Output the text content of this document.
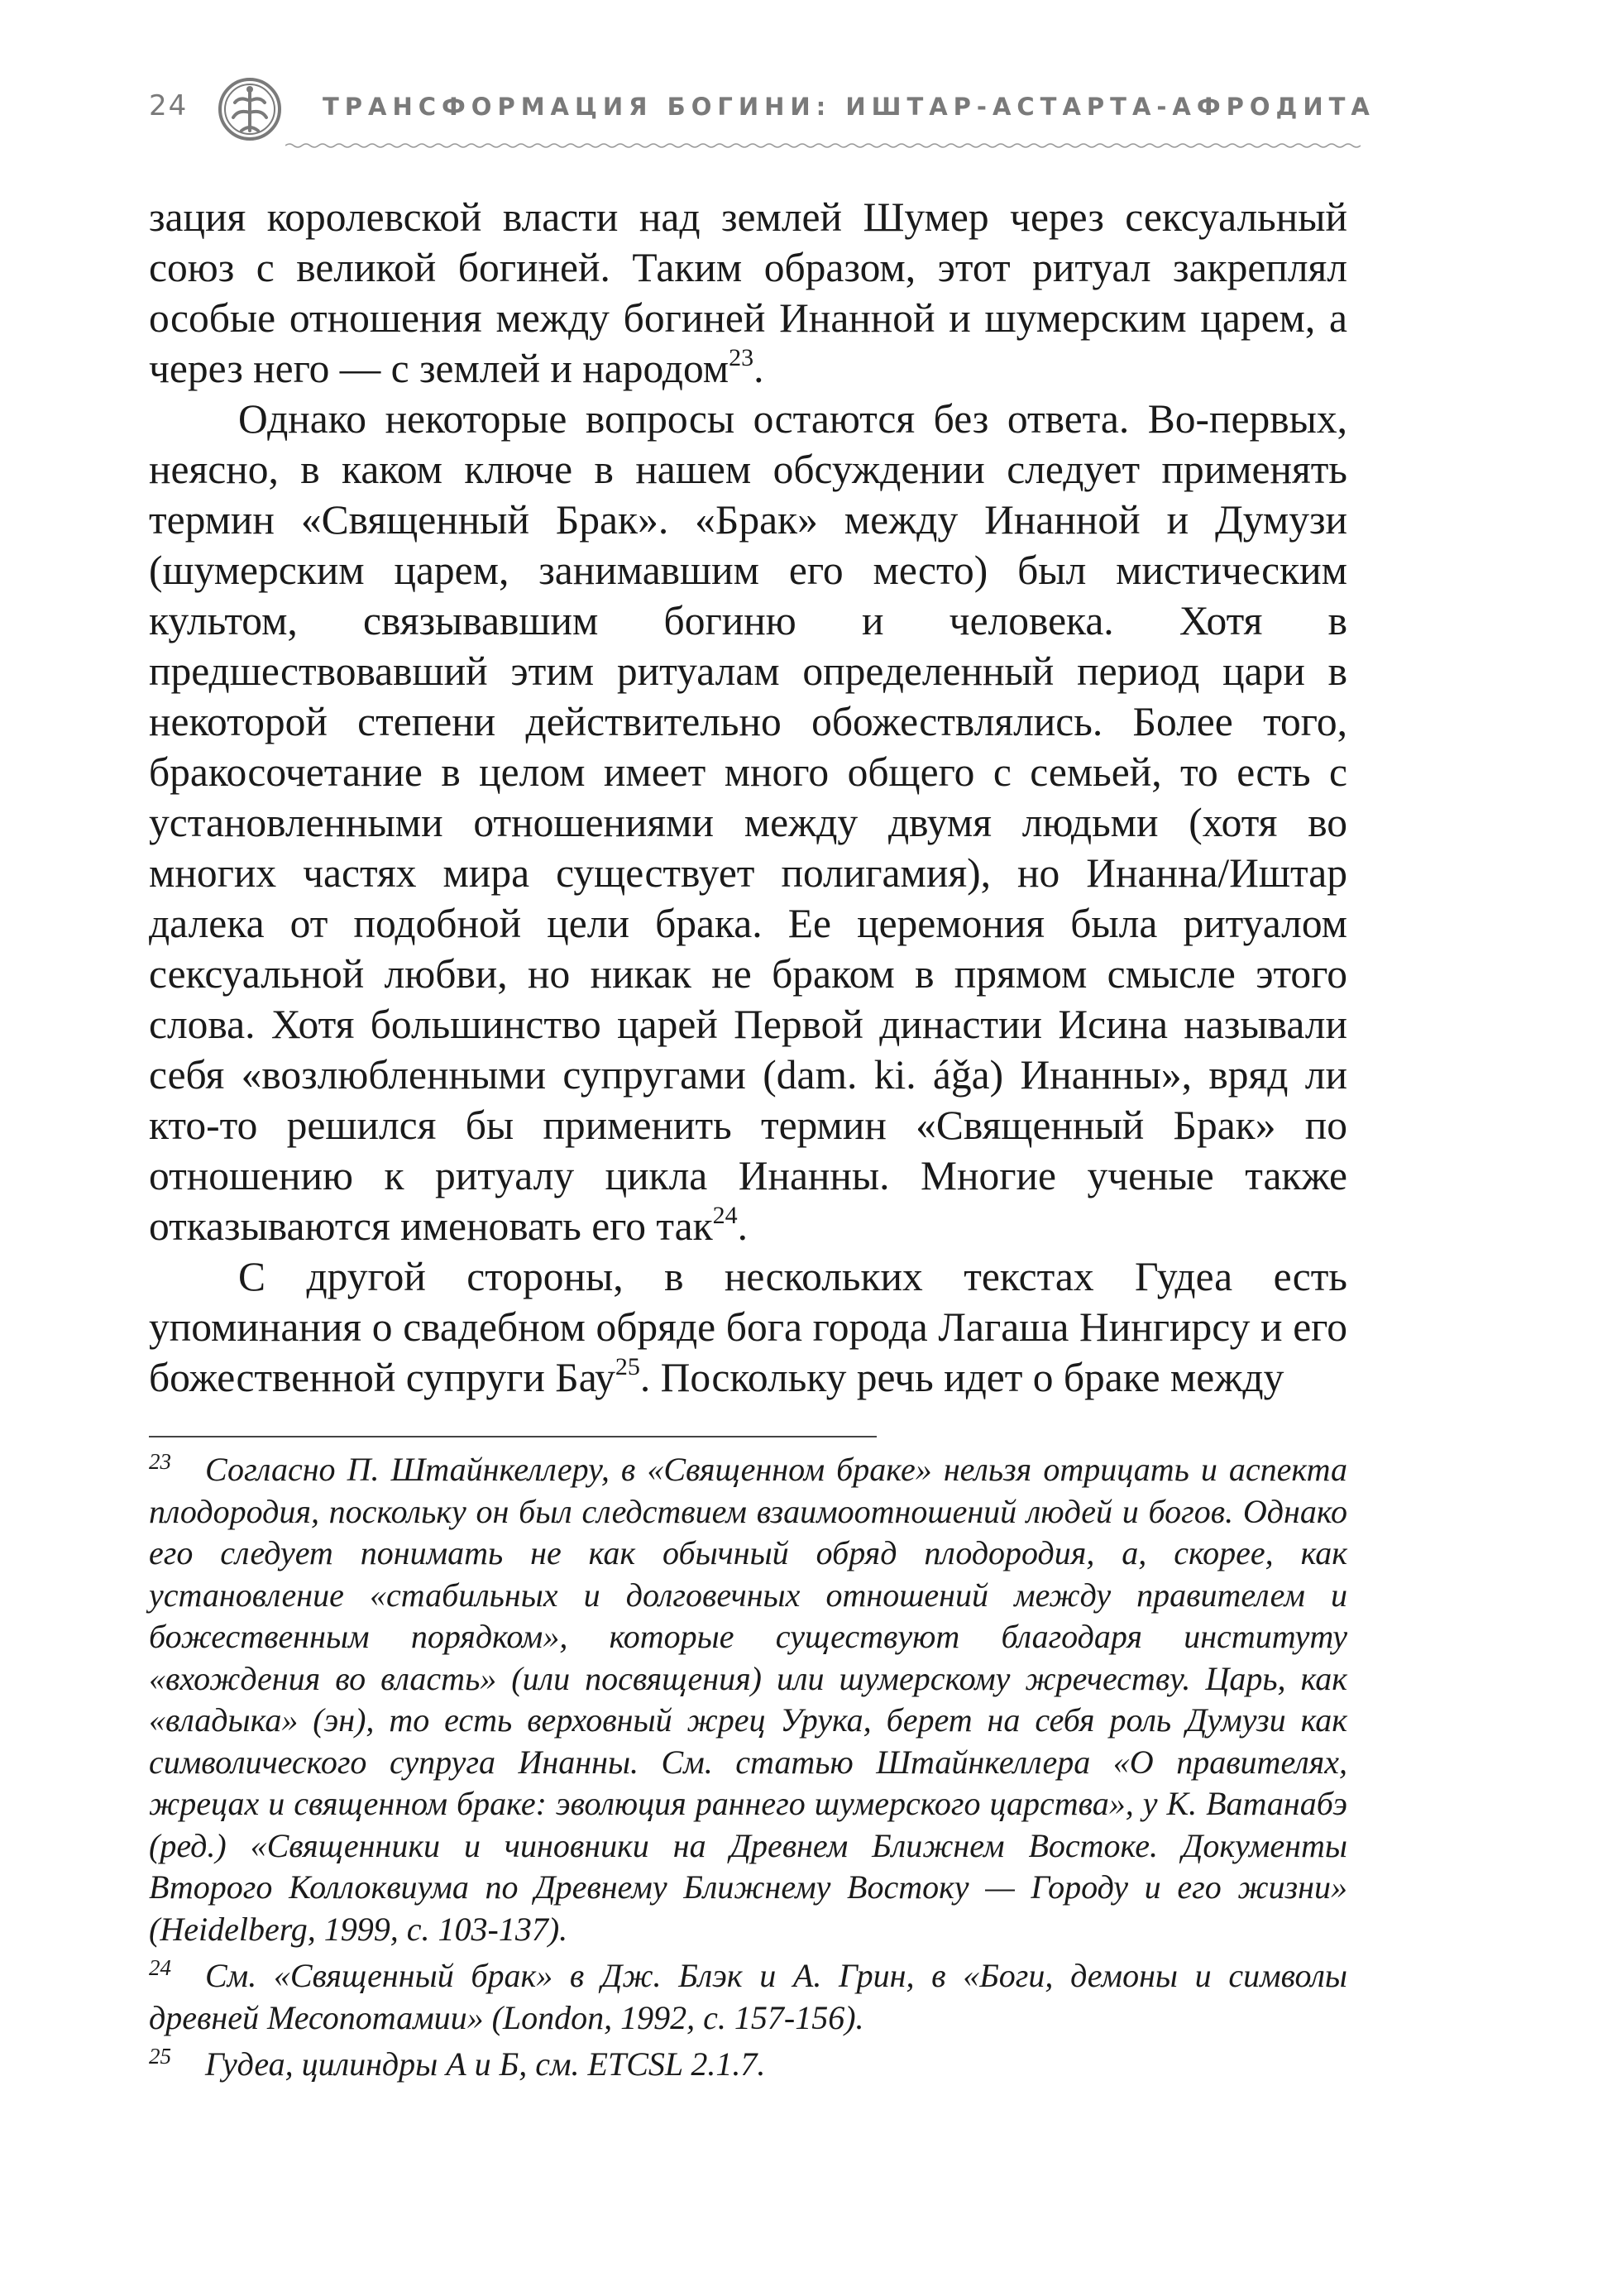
24	ТРАНСФОРМАЦИЯ БОГИНИ: ИШТАР-АСТАРТА-АФРОДИТА

зация королевской власти над землей Шумер через сексуальный союз с великой богиней. Таким образом, этот ритуал закреплял особые отношения между богиней Инанной и шумерским царем, а через него — с землей и народом$^{23}$.

Однако некоторые вопросы остаются без ответа. Во-первых, неясно, в каком ключе в нашем обсуждении следует применять термин «Священный Брак». «Брак» между Инанной и Думузи (шумерским царем, занимавшим его место) был мистическим культом, связывавшим богиню и человека. Хотя в предшествовавший этим ритуалам определенный период цари в некоторой степени действительно обожествлялись. Более того, бракосочетание в целом имеет много общего с семьей, то есть с установленными отношениями между двумя людьми (хотя во многих частях мира существует полигамия), но Инанна/Иштар далека от подобной цели брака. Ее церемония была ритуалом сексуальной любви, но никак не браком в прямом смысле этого слова. Хотя большинство царей Первой династии Исина называли себя «возлюбленными супругами (dam. ki. áǧa) Инанны», вряд ли кто-то решился бы применить термин «Священный Брак» по отношению к ритуалу цикла Инанны. Многие ученые также отказываются именовать его так$^{24}$.

С другой стороны, в нескольких текстах Гудеа есть упоминания о свадебном обряде бога города Лагаша Нингирсу и его божественной супруги Бау$^{25}$. Поскольку речь идет о браке между

23 Согласно П. Штайнкеллеру, в «Священном браке» нельзя отрицать и аспекта плодородия, поскольку он был следствием взаимоотношений людей и богов. Однако его следует понимать не как обычный обряд плодородия, а, скорее, как установление «стабильных и долговечных отношений между правителем и божественным порядком», которые существуют благодаря институту «вхождения во власть» (или посвящения) или шумерскому жречеству. Царь, как «владыка» (эн), то есть верховный жрец Урука, берет на себя роль Думузи как символического супруга Инанны. См. статью Штайнкеллера «О правителях, жрецах и священном браке: эволюция раннего шумерского царства», у К. Ватанабэ (ред.) «Священники и чиновники на Древнем Ближнем Востоке. Документы Второго Коллоквиума по Древнему Ближнему Востоку — Городу и его жизни» (Heidelberg, 1999, с. 103-137).

24 См. «Священный брак» в Дж. Блэк и А. Грин, в «Боги, демоны и символы древней Месопотамии» (London, 1992, с. 157-156).

25 Гудеа, цилиндры А и Б, см. ETCSL 2.1.7.
